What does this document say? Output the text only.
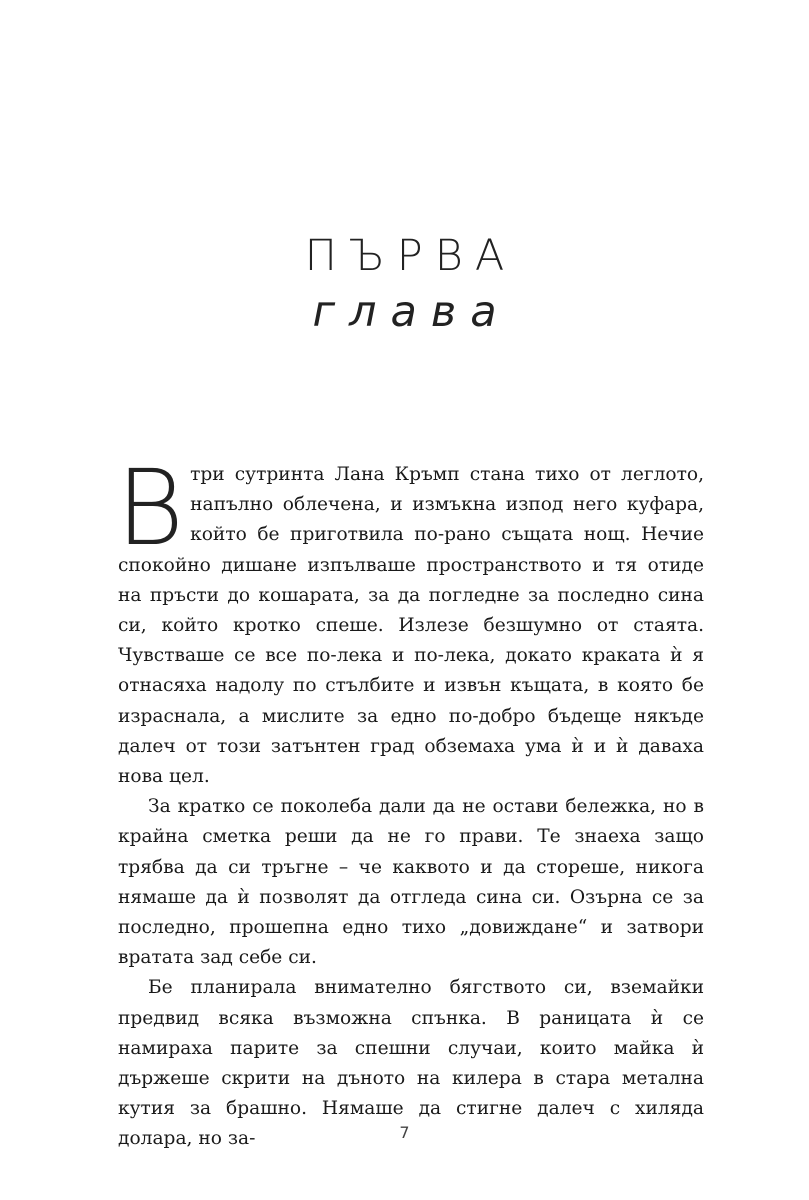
ПЪРВА
глава

Втри сутринта Лана Кръмп стана тихо от леглото, напълно облечена, и измъкна изпод него куфара, който бе приготвила по-рано същата нощ. Нечие спокойно дишане изпълваше пространството и тя отиде на пръсти до кошарата, за да погледне за последно сина си, който кротко спеше. Излезе безшумно от стаята. Чувстваше се все по-лека и по-лека, докато краката ѝ я отнасяха надолу по стълбите и извън къщата, в която бе израснала, а мислите за едно по-добро бъдеще някъде далеч от този затънтен град обземаха ума ѝ и ѝ даваха нова цел.

За кратко се поколеба дали да не остави бележка, но в крайна сметка реши да не го прави. Те знаеха защо трябва да си тръгне – че каквото и да стореше, никога нямаше да ѝ позволят да отгледа сина си. Озърна се за последно, прошепна едно тихо „довиждане“ и затвори вратата зад себе си.

Бе планирала внимателно бягството си, вземайки предвид всяка възможна спънка. В раницата ѝ се намираха парите за спешни случаи, които майка ѝ държеше скрити на дъното на килера в стара метална кутия за брашно. Нямаше да стигне далеч с хиляда долара, но за-	7
